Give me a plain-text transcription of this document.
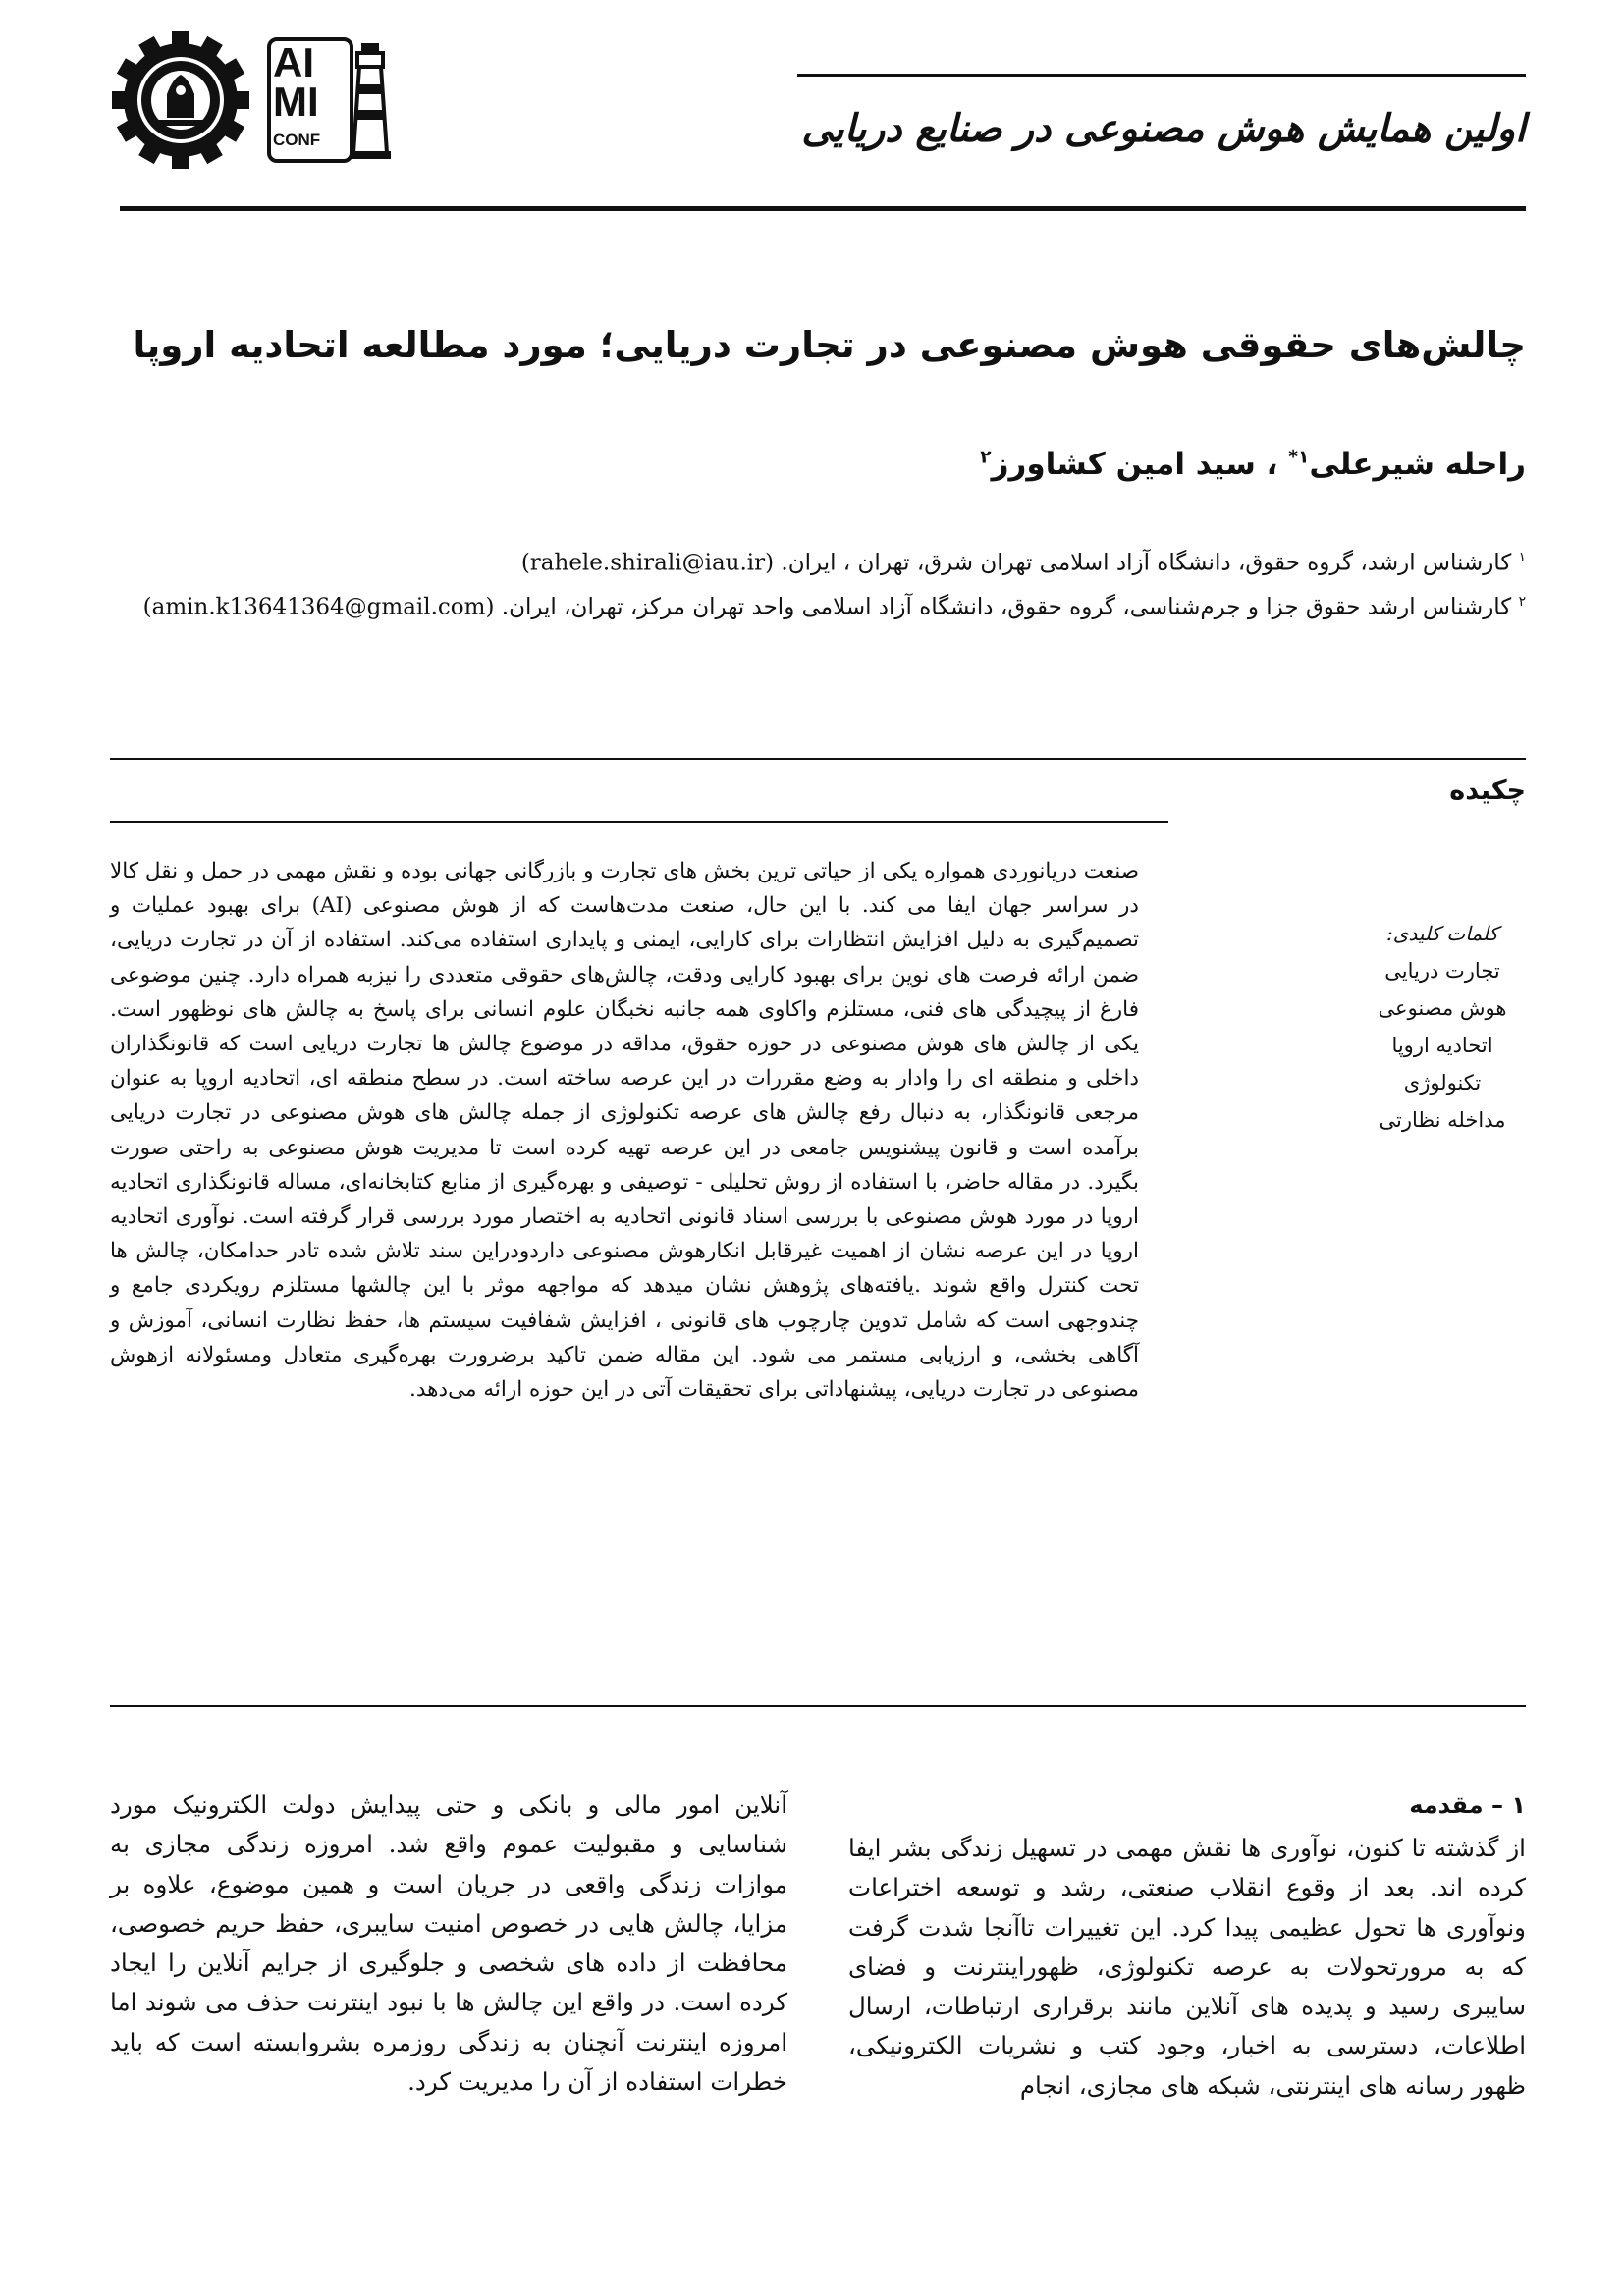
AI
MI
CONF	اولین همایش هوش مصنوعی در صنایع دریایی
چالش‌های حقوقی هوش مصنوعی در تجارت دریایی؛ مورد مطالعه اتحادیه اروپا
راحله شیرعلی$^{۱*}$ ، سید امین کشاورز$^۲$
$^۱$ کارشناس ارشد، گروه حقوق، دانشگاه آزاد اسلامی تهران شرق، تهران ، ایران. (rahele.shirali@iau.ir)
$^۲$ کارشناس ارشد حقوق جزا و جرم‌شناسی، گروه حقوق، دانشگاه آزاد اسلامی واحد تهران مرکز، تهران، ایران. (amin.k13641364@gmail.com)
چکیده
صنعت دریانوردی همواره یکی از حیاتی ترین بخش های تجارت و بازرگانی جهانی بوده و نقش مهمی در حمل و نقل کالا در سراسر جهان ایفا می کند. با این حال، صنعت مدت‌هاست که از هوش مصنوعی (AI) برای بهبود عملیات و تصمیم‌گیری به دلیل افزایش انتظارات برای کارایی، ایمنی و پایداری استفاده می‌کند. استفاده از آن در تجارت دریایی، ضمن ارائه فرصت های نوین برای بهبود کارایی ودقت، چالش‌های حقوقی متعددی را نیزبه همراه دارد. چنین موضوعی فارغ از پیچیدگی های فنی، مستلزم واکاوی همه جانبه نخبگان علوم انسانی برای پاسخ به چالش های نوظهور است. یکی از چالش های هوش مصنوعی در حوزه حقوق، مداقه در موضوع چالش ها تجارت دریایی است که قانونگذاران داخلی و منطقه ای را وادار به وضع مقررات در این عرصه ساخته است. در سطح منطقه ای، اتحادیه اروپا به عنوان مرجعی قانونگذار، به دنبال رفع چالش های عرصه تکنولوژی از جمله چالش های هوش مصنوعی در تجارت دریایی برآمده است و قانون پیشنویس جامعی در این عرصه تهیه کرده است تا مدیریت هوش مصنوعی به راحتی صورت بگیرد. در مقاله حاضر، با استفاده از روش تحلیلی - توصیفی و بهره‌گیری از منابع کتابخانه‌ای، مساله قانونگذاری اتحادیه اروپا در مورد هوش مصنوعی با بررسی اسناد قانونی اتحادیه به اختصار مورد بررسی قرار گرفته است. نوآوری اتحادیه اروپا در این عرصه نشان از اهمیت غیرقابل انکارهوش مصنوعی داردودراین سند تلاش شده تادر حدامکان، چالش ها تحت کنترل واقع شوند .یافته‌های پژوهش نشان میدهد که مواجهه موثر با این چالشها مستلزم رویکردی جامع و چندوجهی است که شامل تدوین چارچوب های قانونی ، افزایش شفافیت سیستم ها، حفظ نظارت انسانی، آموزش و آگاهی بخشی، و ارزیابی مستمر می شود. این مقاله ضمن تاکید برضرورت بهره‌گیری متعادل ومسئولانه ازهوش مصنوعی در تجارت دریایی، پیشنهاداتی برای تحقیقات آتی در این حوزه ارائه می‌دهد.
کلمات کلیدی:
تجارت دریایی
هوش مصنوعی
اتحادیه اروپا
تکنولوژی
مداخله نظارتی
۱ – مقدمه
از گذشته تا کنون، نوآوری ها نقش مهمی در تسهیل زندگی بشر ایفا کرده اند. بعد از وقوع انقلاب صنعتی، رشد و توسعه اختراعات ونوآوری ها تحول عظیمی پیدا کرد. این تغییرات تاآنجا شدت گرفت که به مرورتحولات به عرصه تکنولوژی، ظهوراینترنت و فضای سایبری رسید و پدیده های آنلاین مانند برقراری ارتباطات، ارسال اطلاعات، دسترسی به اخبار، وجود کتب و نشریات الکترونیکی، ظهور رسانه های اینترنتی، شبکه های مجازی، انجام
آنلاین امور مالی و بانکی و حتی پیدایش دولت الکترونیک مورد شناسایی و مقبولیت عموم واقع شد. امروزه زندگی مجازی به موازات زندگی واقعی در جریان است و همین موضوع، علاوه بر مزایا، چالش هایی در خصوص امنیت سایبری، حفظ حریم خصوصی، محافظت از داده های شخصی و جلوگیری از جرایم آنلاین را ایجاد کرده است. در واقع این چالش ها با نبود اینترنت حذف می شوند اما امروزه اینترنت آنچنان به زندگی روزمره بشروابسته است که باید خطرات استفاده از آن را مدیریت کرد.
